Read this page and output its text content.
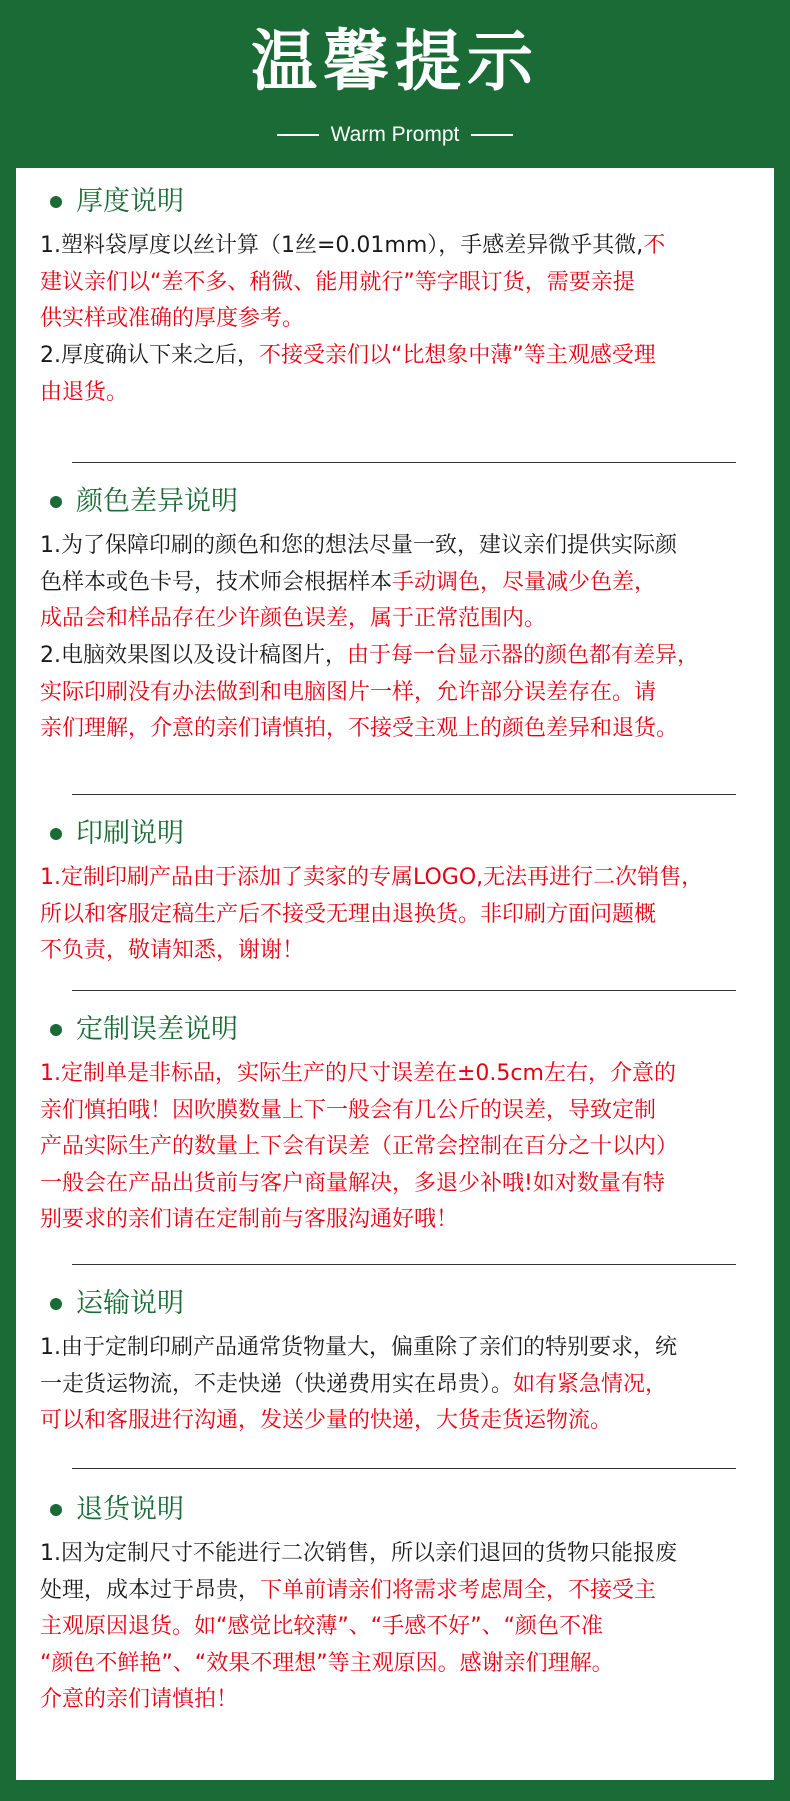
温馨提示
Warm Prompt
厚度说明
1.塑料袋厚度以丝计算（1丝=0.01mm），手感差异微乎其微,不
建议亲们以“差不多、稍微、能用就行”等字眼订货，需要亲提
供实样或准确的厚度参考。
2.厚度确认下来之后，不接受亲们以“比想象中薄”等主观感受理
由退货。
颜色差异说明
1.为了保障印刷的颜色和您的想法尽量一致，建议亲们提供实际颜
色样本或色卡号，技术师会根据样本手动调色，尽量减少色差，
成品会和样品存在少许颜色误差，属于正常范围内。
2.电脑效果图以及设计稿图片，由于每一台显示器的颜色都有差异，
实际印刷没有办法做到和电脑图片一样，允许部分误差存在。请
亲们理解，介意的亲们请慎拍，不接受主观上的颜色差异和退货。
印刷说明
1.定制印刷产品由于添加了卖家的专属LOGO,无法再进行二次销售，
所以和客服定稿生产后不接受无理由退换货。非印刷方面问题概
不负责，敬请知悉，谢谢！
定制误差说明
1.定制单是非标品，实际生产的尺寸误差在±0.5cm左右，介意的
亲们慎拍哦！因吹膜数量上下一般会有几公斤的误差，导致定制
产品实际生产的数量上下会有误差（正常会控制在百分之十以内）
一般会在产品出货前与客户商量解决，多退少补哦!如对数量有特
别要求的亲们请在定制前与客服沟通好哦！
运输说明
1.由于定制印刷产品通常货物量大，偏重除了亲们的特别要求，统
一走货运物流，不走快递（快递费用实在昂贵）。如有紧急情况，
可以和客服进行沟通，发送少量的快递，大货走货运物流。
退货说明
1.因为定制尺寸不能进行二次销售，所以亲们退回的货物只能报废
处理，成本过于昂贵，下单前请亲们将需求考虑周全，不接受主
主观原因退货。如“感觉比较薄”、“手感不好”、“颜色不准
“颜色不鲜艳”、“效果不理想”等主观原因。感谢亲们理解。
介意的亲们请慎拍！
